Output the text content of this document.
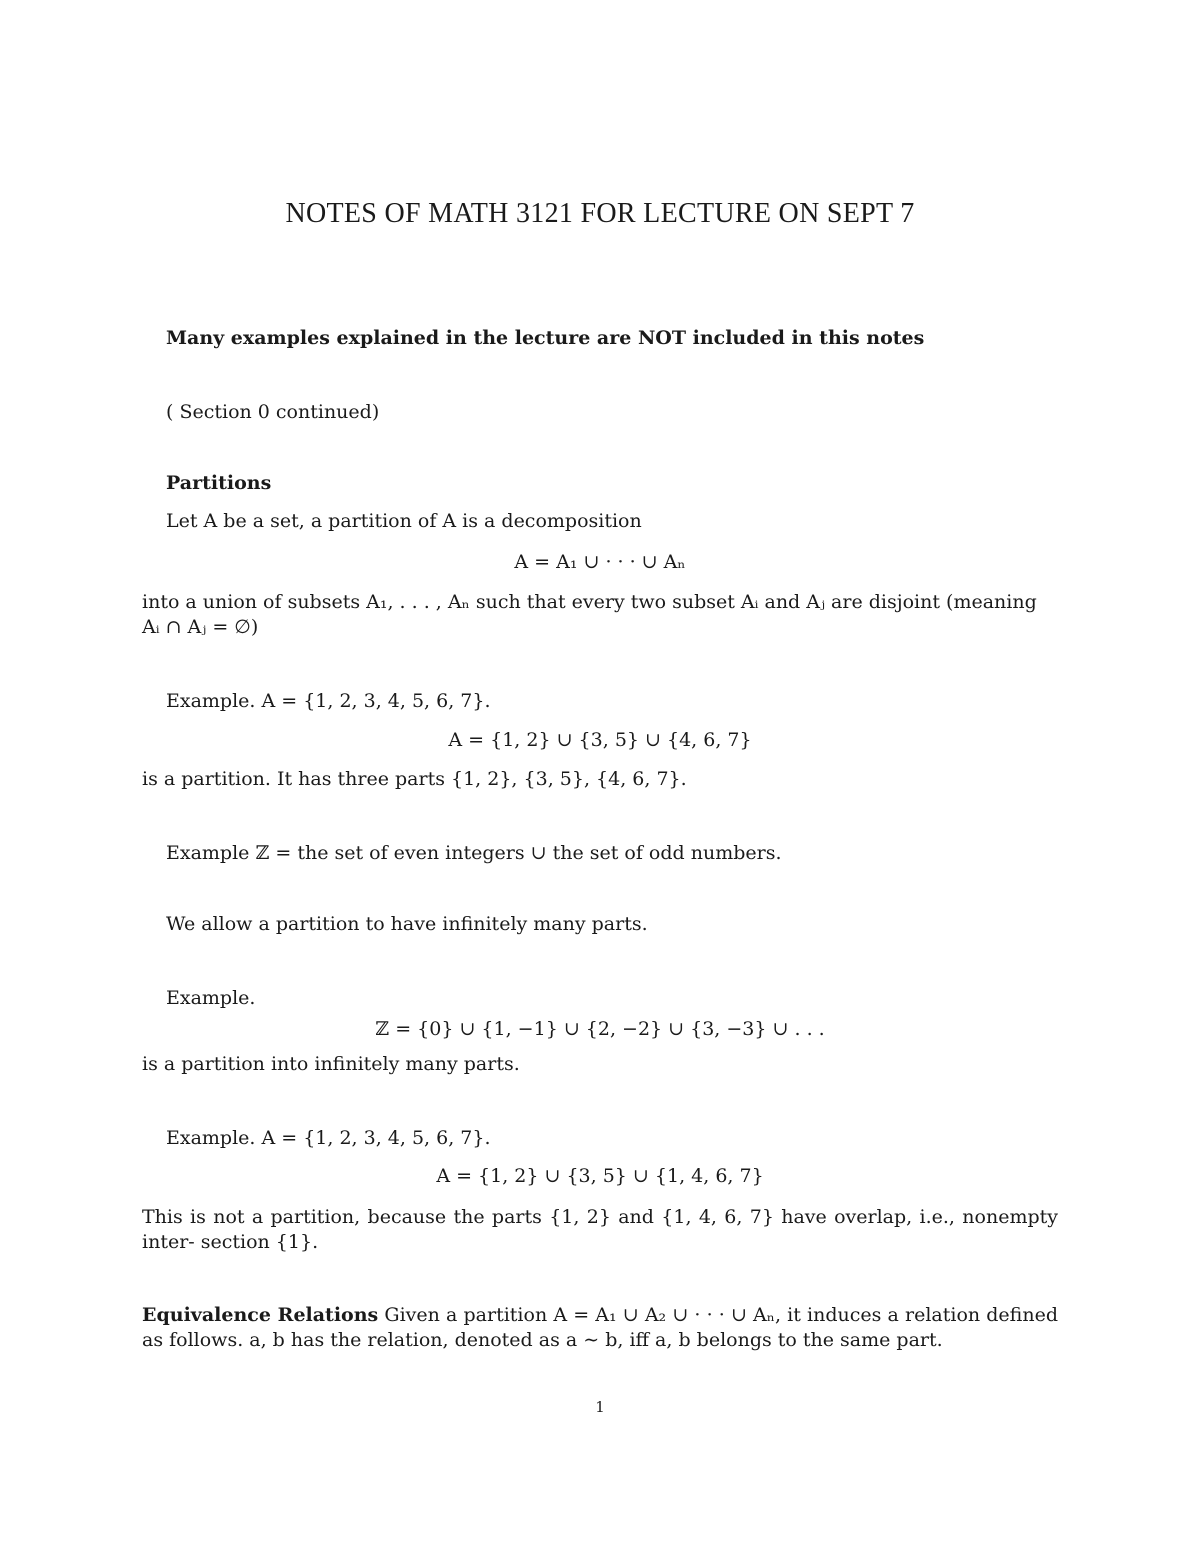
NOTES OF MATH 3121 FOR LECTURE ON SEPT 7
Many examples explained in the lecture are NOT included in this notes
( Section 0 continued)
Partitions
Let A be a set, a partition of A is a decomposition
A = A₁ ∪ · · · ∪ Aₙ
into a union of subsets A₁, . . . , Aₙ such that every two subset Aᵢ and Aⱼ are disjoint (meaning
Aᵢ ∩ Aⱼ = ∅)
Example. A = {1, 2, 3, 4, 5, 6, 7}.
A = {1, 2} ∪ {3, 5} ∪ {4, 6, 7}
is a partition. It has three parts {1, 2}, {3, 5}, {4, 6, 7}.
Example ℤ = the set of even integers ∪ the set of odd numbers.
We allow a partition to have infinitely many parts.
Example.
ℤ = {0} ∪ {1, −1} ∪ {2, −2} ∪ {3, −3} ∪ . . .
is a partition into infinitely many parts.
Example. A = {1, 2, 3, 4, 5, 6, 7}.
A = {1, 2} ∪ {3, 5} ∪ {1, 4, 6, 7}
This is not a partition, because the parts {1, 2} and {1, 4, 6, 7} have overlap, i.e., nonempty inter- section {1}.
Equivalence Relations Given a partition A = A₁ ∪ A₂ ∪ · · · ∪ Aₙ, it induces a relation defined as follows. a, b has the relation, denoted as a ∼ b, iff a, b belongs to the same part.
1
